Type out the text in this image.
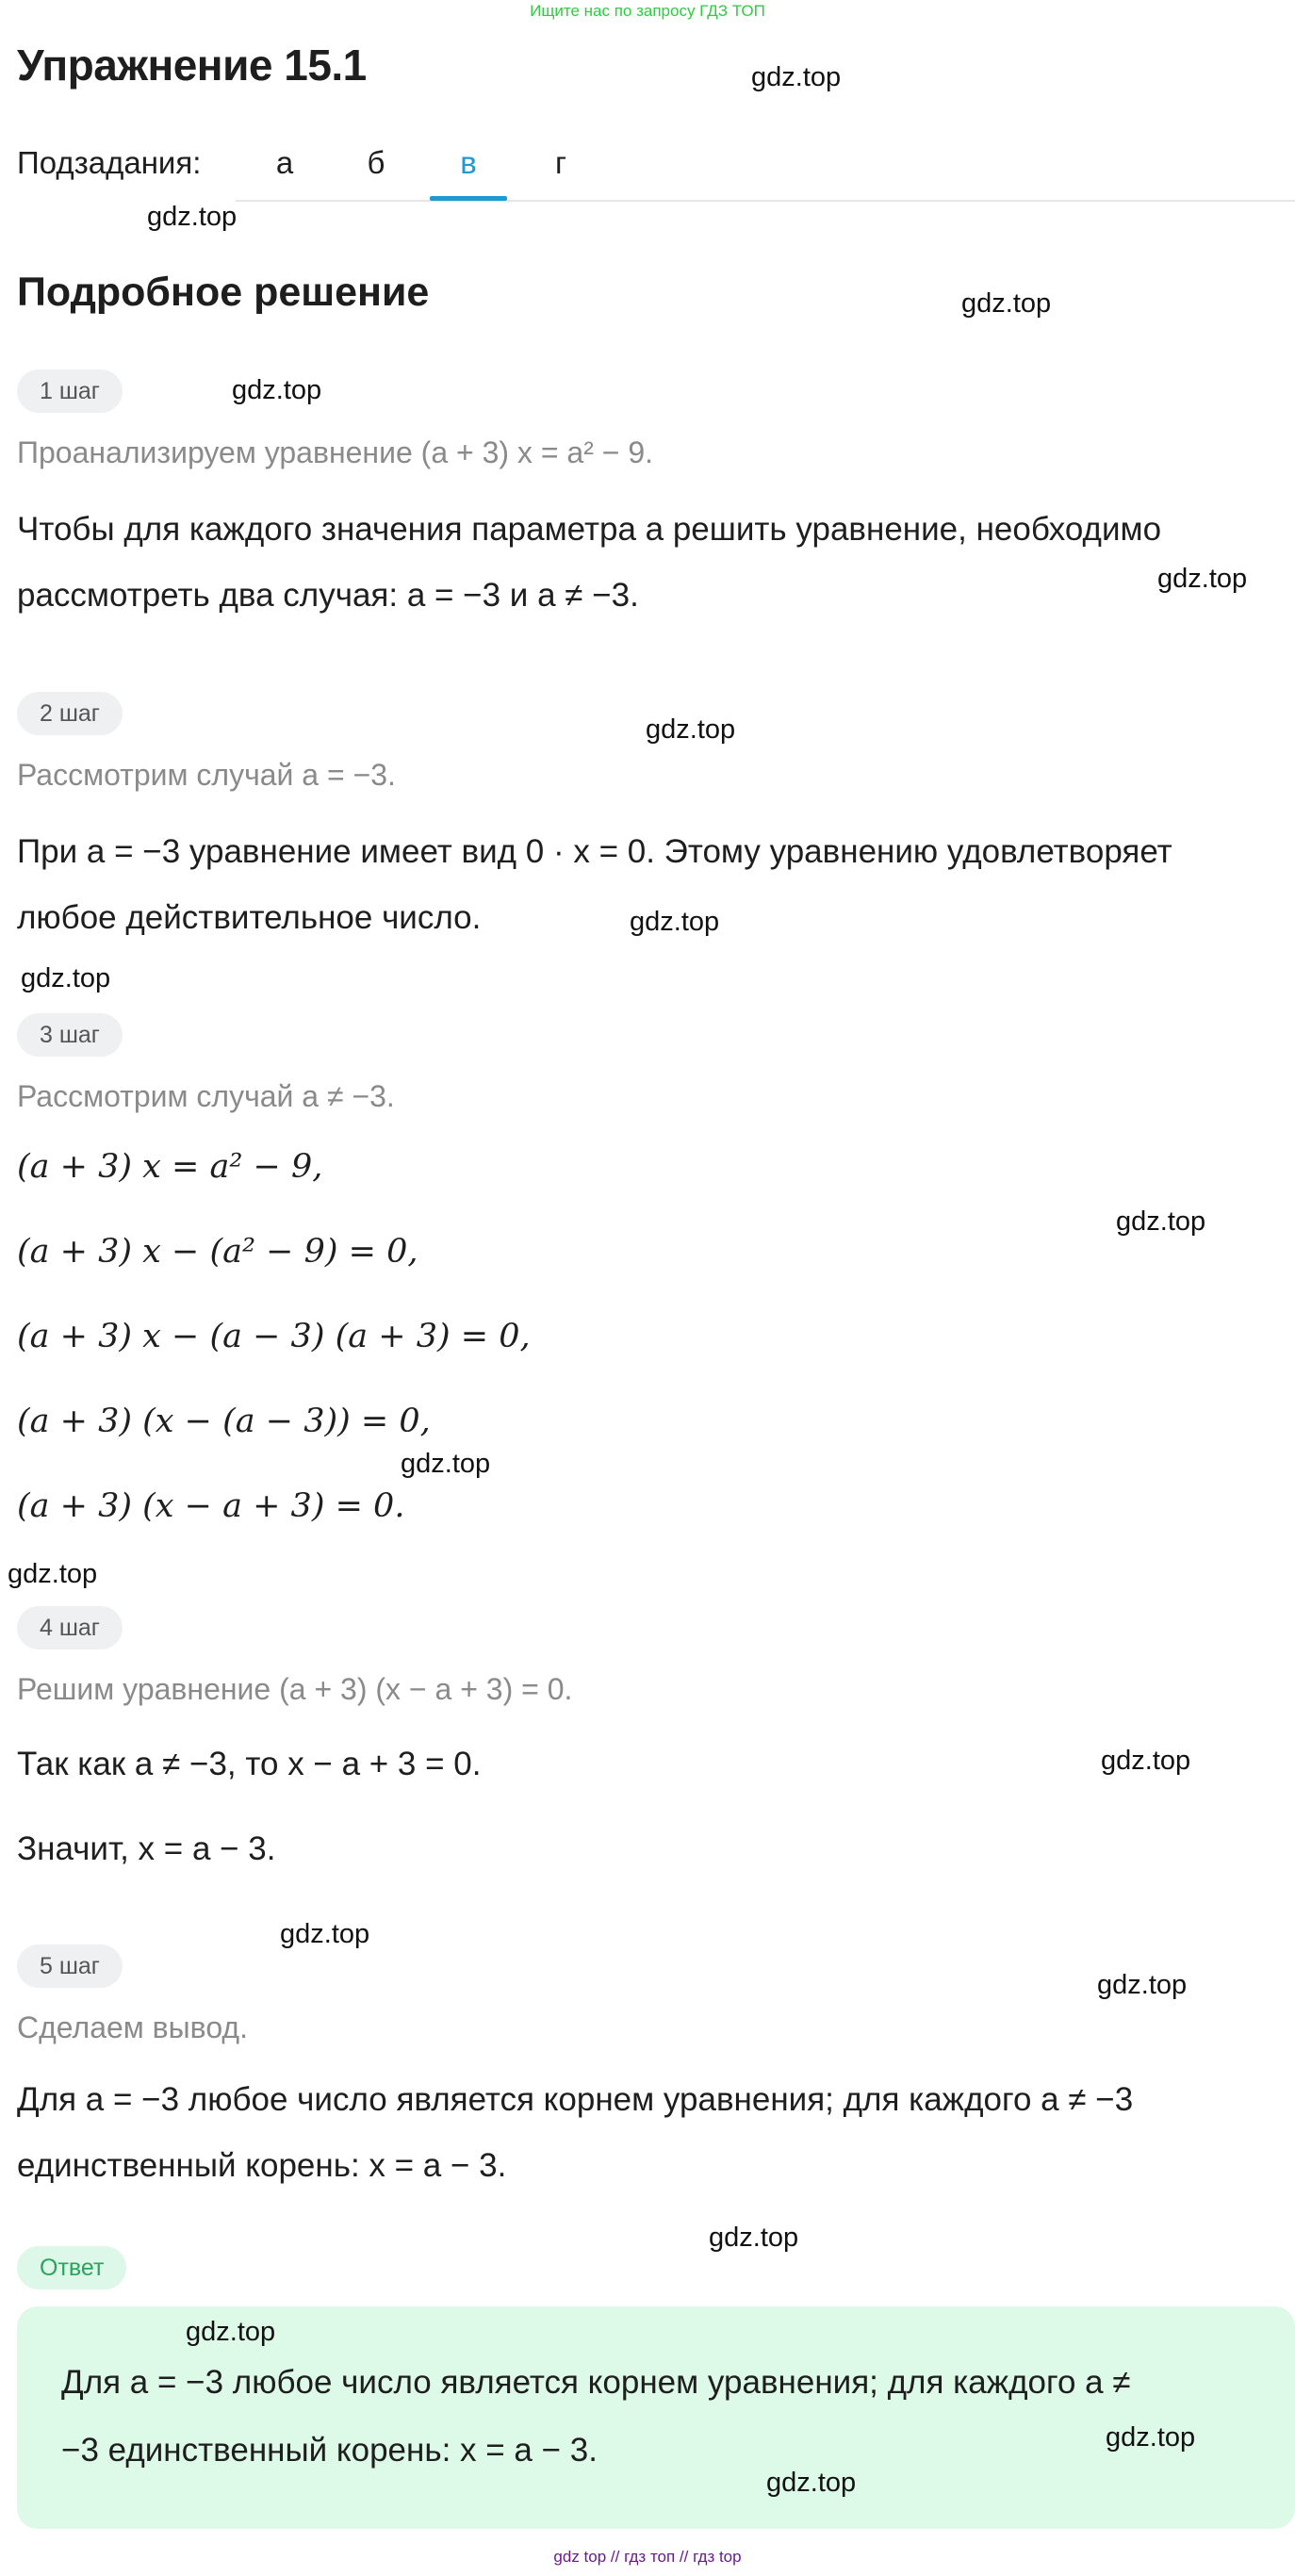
Ищите нас по запросу ГДЗ ТОП
Упражнение 15.1
Подзадания:	а	б	в	г
Подробное решение
1 шаг
Проанализируем уравнение (a + 3) x = a² − 9.
Чтобы для каждого значения параметра a решить уравнение, необходимо
рассмотреть два случая: a = −3 и a ≠ −3.
2 шаг
Рассмотрим случай a = −3.
При a = −3 уравнение имеет вид 0 · x = 0. Этому уравнению удовлетворяет
любое действительное число.
3 шаг
Рассмотрим случай a ≠ −3.
(a + 3) x = a² − 9,
(a + 3) x − (a² − 9) = 0,
(a + 3) x − (a − 3) (a + 3) = 0,
(a + 3) (x − (a − 3)) = 0,
(a + 3) (x − a + 3) = 0.
4 шаг
Решим уравнение (a + 3) (x − a + 3) = 0.
Так как a ≠ −3, то x − a + 3 = 0.
Значит, x = a − 3.
5 шаг
Сделаем вывод.
Для a = −3 любое число является корнем уравнения; для каждого a ≠ −3
единственный корень: x = a − 3.
Ответ
Для a = −3 любое число является корнем уравнения; для каждого a ≠
−3 единственный корень: x = a − 3.
gdz.top
gdz.top
gdz.top
gdz.top
gdz.top
gdz.top
gdz.top
gdz.top
gdz.top
gdz.top
gdz.top
gdz.top
gdz.top
gdz.top
gdz.top
gdz.top
gdz.top
gdz.top
gdz top // гдз топ // гдз top
